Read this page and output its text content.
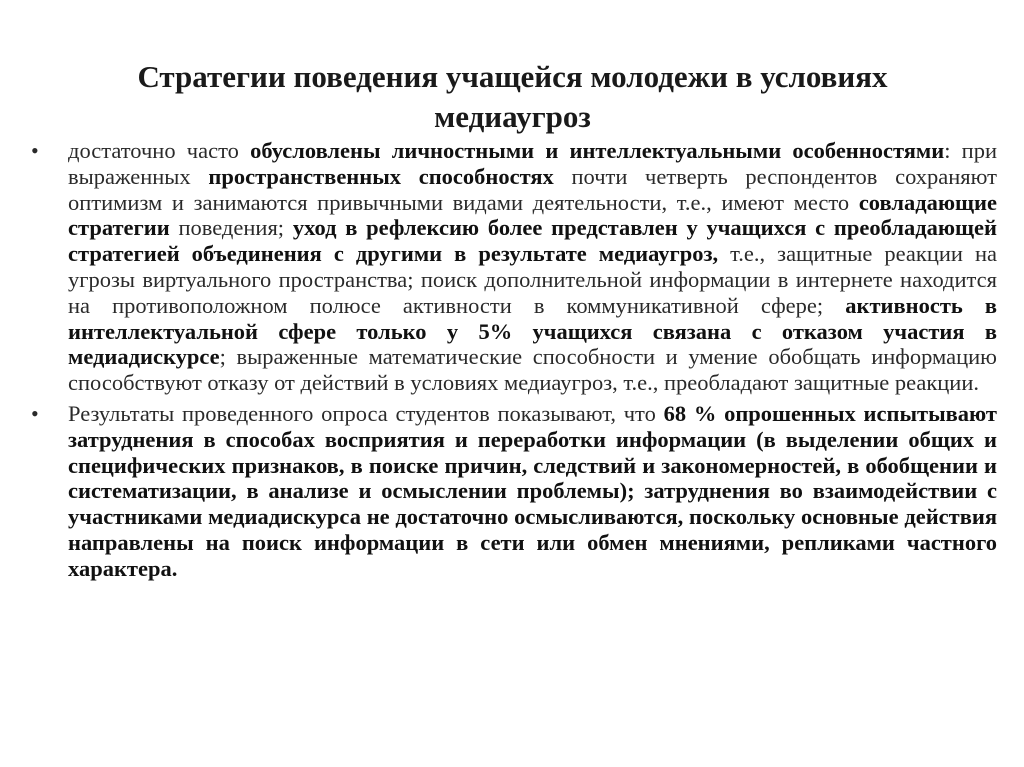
Стратегии поведения учащейся молодежи в условиях
медиаугроз
• достаточно часто обусловлены личностными и интеллектуальными особенностями: при выраженных пространственных способностях почти четверть респондентов сохраняют оптимизм и занимаются привычными видами деятельности, т.е., имеют место совладающие стратегии поведения; уход в рефлексию более представлен у учащихся с преобладающей стратегией объединения с другими в результате медиаугроз, т.е., защитные реакции на угрозы виртуального пространства; поиск дополнительной информации в интернете находится на противоположном полюсе активности в коммуникативной сфере; активность в интеллектуальной сфере только у 5% учащихся связана с отказом участия в медиадискурсе; выраженные математические способности и умение обобщать информацию способствуют отказу от действий в условиях медиаугроз, т.е., преобладают защитные реакции.
• Результаты проведенного опроса студентов показывают, что 68 % опрошенных испытывают затруднения в способах восприятия и переработки информации (в выделении общих и специфических признаков, в поиске причин, следствий и закономерностей, в обобщении и систематизации, в анализе и осмыслении проблемы); затруднения во взаимодействии с участниками медиадискурса не достаточно осмысливаются, поскольку основные действия направлены на поиск информации в сети или обмен мнениями, репликами частного характера.
